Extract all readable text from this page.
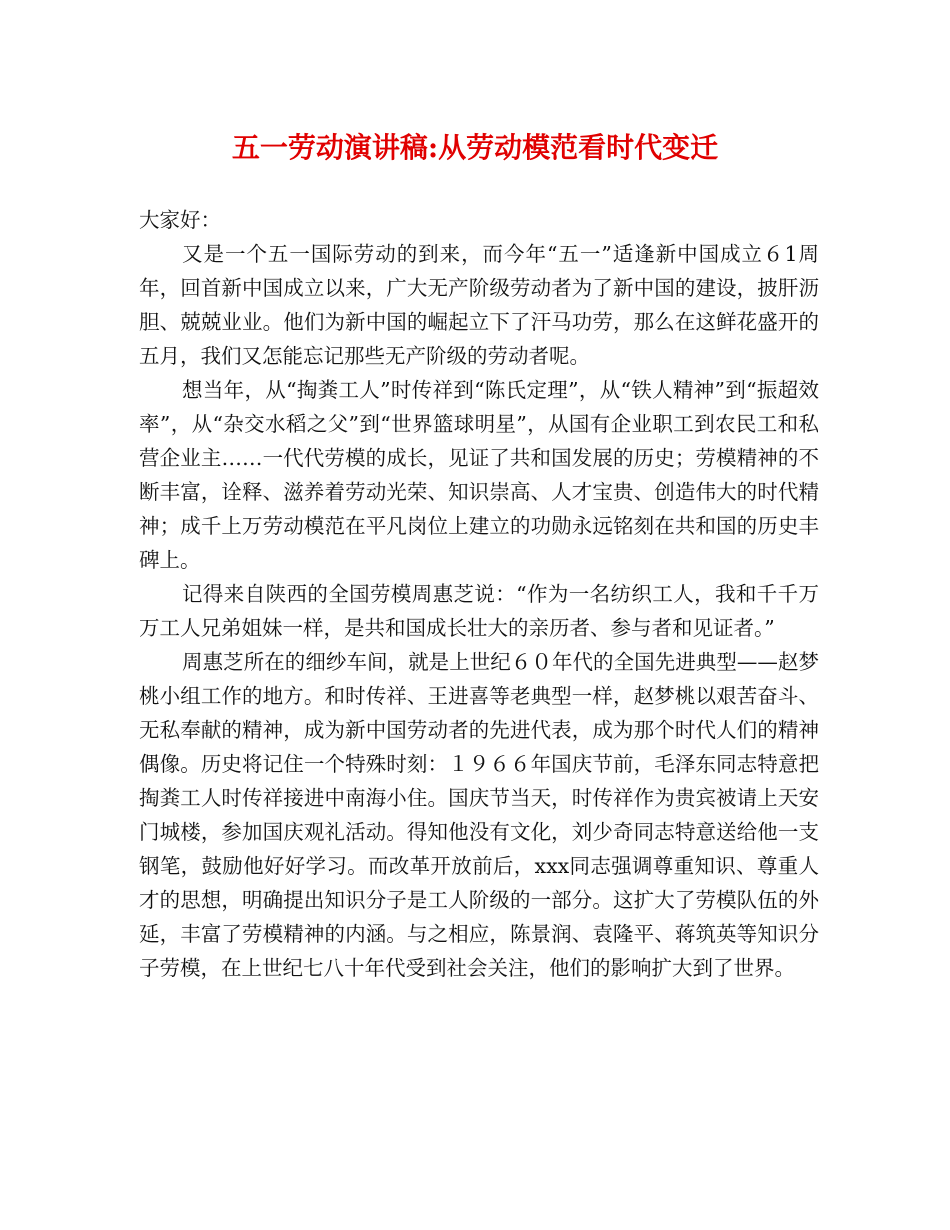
五一劳动演讲稿:从劳动模范看时代变迁

大家好：

又是一个五一国际劳动的到来，而今年“五一”适逢新中国成立６1周年，回首新中国成立以来，广大无产阶级劳动者为了新中国的建设，披肝沥胆、兢兢业业。他们为新中国的崛起立下了汗马功劳，那么在这鲜花盛开的五月，我们又怎能忘记那些无产阶级的劳动者呢。

想当年，从“掏粪工人”时传祥到“陈氏定理”，从“铁人精神”到“振超效率”，从“杂交水稻之父”到“世界篮球明星”，从国有企业职工到农民工和私营企业主……一代代劳模的成长，见证了共和国发展的历史；劳模精神的不断丰富，诠释、滋养着劳动光荣、知识崇高、人才宝贵、创造伟大的时代精神；成千上万劳动模范在平凡岗位上建立的功勋永远铭刻在共和国的历史丰碑上。

记得来自陕西的全国劳模周惠芝说：“作为一名纺织工人，我和千千万万工人兄弟姐妹一样，是共和国成长壮大的亲历者、参与者和见证者。”

周惠芝所在的细纱车间，就是上世纪６０年代的全国先进典型——赵梦桃小组工作的地方。和时传祥、王进喜等老典型一样，赵梦桃以艰苦奋斗、无私奉献的精神，成为新中国劳动者的先进代表，成为那个时代人们的精神偶像。历史将记住一个特殊时刻：１９６６年国庆节前，毛泽东同志特意把掏粪工人时传祥接进中南海小住。国庆节当天，时传祥作为贵宾被请上天安门城楼，参加国庆观礼活动。得知他没有文化，刘少奇同志特意送给他一支钢笔，鼓励他好好学习。而改革开放前后，xxx同志强调尊重知识、尊重人才的思想，明确提出知识分子是工人阶级的一部分。这扩大了劳模队伍的外延，丰富了劳模精神的内涵。与之相应，陈景润、袁隆平、蒋筑英等知识分子劳模，在上世纪七八十年代受到社会关注，他们的影响扩大到了世界。
